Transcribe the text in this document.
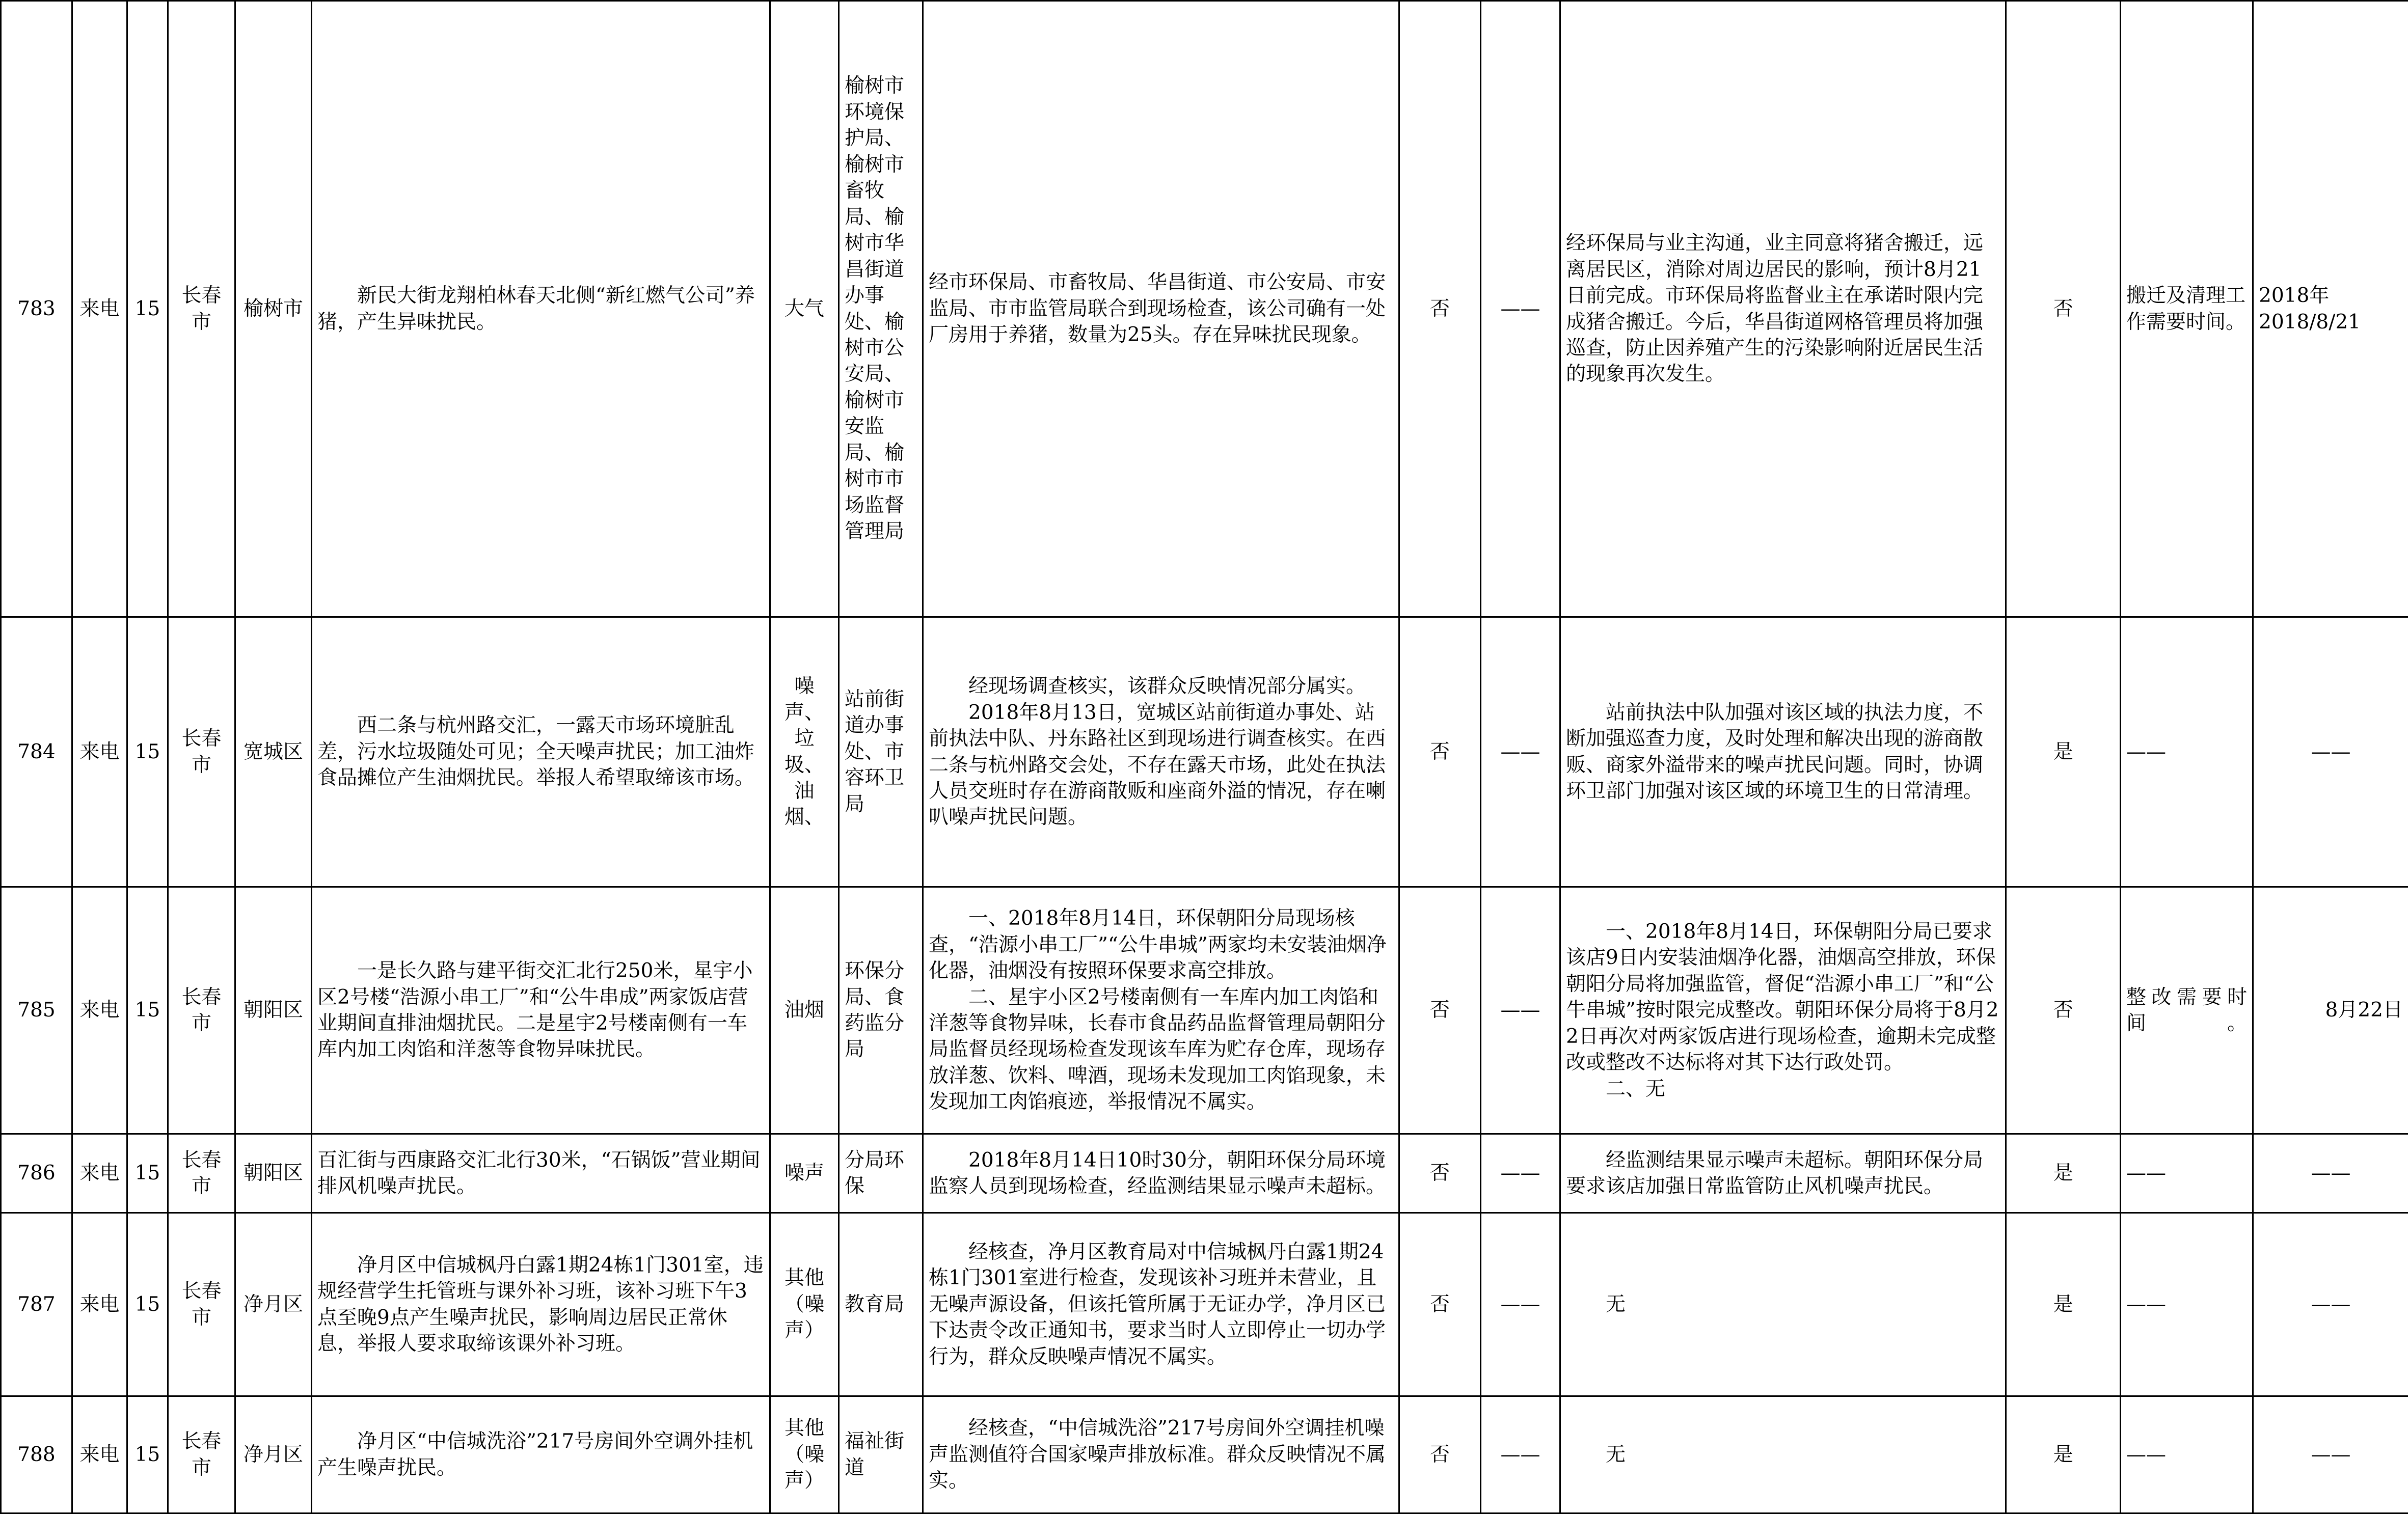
783	来电	15	长春市	榆树市	　　新民大街龙翔柏林春天北侧“新红燃气公司”养猪，产生异味扰民。	大气	榆树市环境保护局、榆树市畜牧局、榆树市华昌街道办事处、榆树市公安局、榆树市安监局、榆树市市场监督管理局	经市环保局、市畜牧局、华昌街道、市公安局、市安监局、市市监管局联合到现场检查，该公司确有一处厂房用于养猪，数量为25头。存在异味扰民现象。	否	——	经环保局与业主沟通，业主同意将猪舍搬迁，远离居民区，消除对周边居民的影响，预计8月21日前完成。市环保局将监督业主在承诺时限内完成猪舍搬迁。今后，华昌街道网格管理员将加强巡查，防止因养殖产生的污染影响附近居民生活的现象再次发生。	否	搬迁及清理工作需要时间。	2018年
2018/8/21
784	来电	15	长春市	宽城区	　　西二条与杭州路交汇，一露天市场环境脏乱差，污水垃圾随处可见；全天噪声扰民；加工油炸食品摊位产生油烟扰民。举报人希望取缔该市场。	噪声、垃圾、油烟、	站前街道办事处、市容环卫局	　　经现场调查核实，该群众反映情况部分属实。
　　2018年8月13日，宽城区站前街道办事处、站前执法中队、丹东路社区到现场进行调查核实。在西二条与杭州路交会处，不存在露天市场，此处在执法人员交班时存在游商散贩和座商外溢的情况，存在喇叭噪声扰民问题。	否	——	　　站前执法中队加强对该区域的执法力度，不断加强巡查力度，及时处理和解决出现的游商散贩、商家外溢带来的噪声扰民问题。同时，协调环卫部门加强对该区域的环境卫生的日常清理。	是	——	——
785	来电	15	长春市	朝阳区	　　一是长久路与建平街交汇北行250米，星宇小区2号楼“浩源小串工厂”和“公牛串成”两家饭店营业期间直排油烟扰民。二是星宇2号楼南侧有一车库内加工肉馅和洋葱等食物异味扰民。	油烟	环保分局、食药监分局	　　一、2018年8月14日，环保朝阳分局现场核查，“浩源小串工厂”“公牛串城”两家均未安装油烟净化器，油烟没有按照环保要求高空排放。
　　二、星宇小区2号楼南侧有一车库内加工肉馅和洋葱等食物异味，长春市食品药品监督管理局朝阳分局监督员经现场检查发现该车库为贮存仓库，现场存放洋葱、饮料、啤酒，现场未发现加工肉馅现象，未发现加工肉馅痕迹，举报情况不属实。	否	——	　　一、2018年8月14日，环保朝阳分局已要求该店9日内安装油烟净化器，油烟高空排放，环保朝阳分局将加强监管，督促“浩源小串工厂”和“公牛串城”按时限完成整改。朝阳环保分局将于8月22日再次对两家饭店进行现场检查，逾期未完成整改或整改不达标将对其下达行政处罚。
　　二、无	否	整改需要时间。	8月22日
786	来电	15	长春市	朝阳区	百汇街与西康路交汇北行30米，“石锅饭”营业期间排风机噪声扰民。	噪声	分局环保	　　2018年8月14日10时30分，朝阳环保分局环境监察人员到现场检查，经监测结果显示噪声未超标。	否	——	　　经监测结果显示噪声未超标。朝阳环保分局要求该店加强日常监管防止风机噪声扰民。	是	——	——
787	来电	15	长春市	净月区	　　净月区中信城枫丹白露1期24栋1门301室，违规经营学生托管班与课外补习班，该补习班下午3点至晚9点产生噪声扰民，影响周边居民正常休息，举报人要求取缔该课外补习班。	其他（噪声）	教育局	　　经核查，净月区教育局对中信城枫丹白露1期24栋1门301室进行检查，发现该补习班并未营业，且无噪声源设备，但该托管所属于无证办学，净月区已下达责令改正通知书，要求当时人立即停止一切办学行为，群众反映噪声情况不属实。	否	——	　　无	是	——	——
788	来电	15	长春市	净月区	　　净月区“中信城洗浴”217号房间外空调外挂机产生噪声扰民。	其他（噪声）	福祉街道	　　经核查，“中信城洗浴”217号房间外空调挂机噪声监测值符合国家噪声排放标准。群众反映情况不属实。	否	——	　　无	是	——	——
